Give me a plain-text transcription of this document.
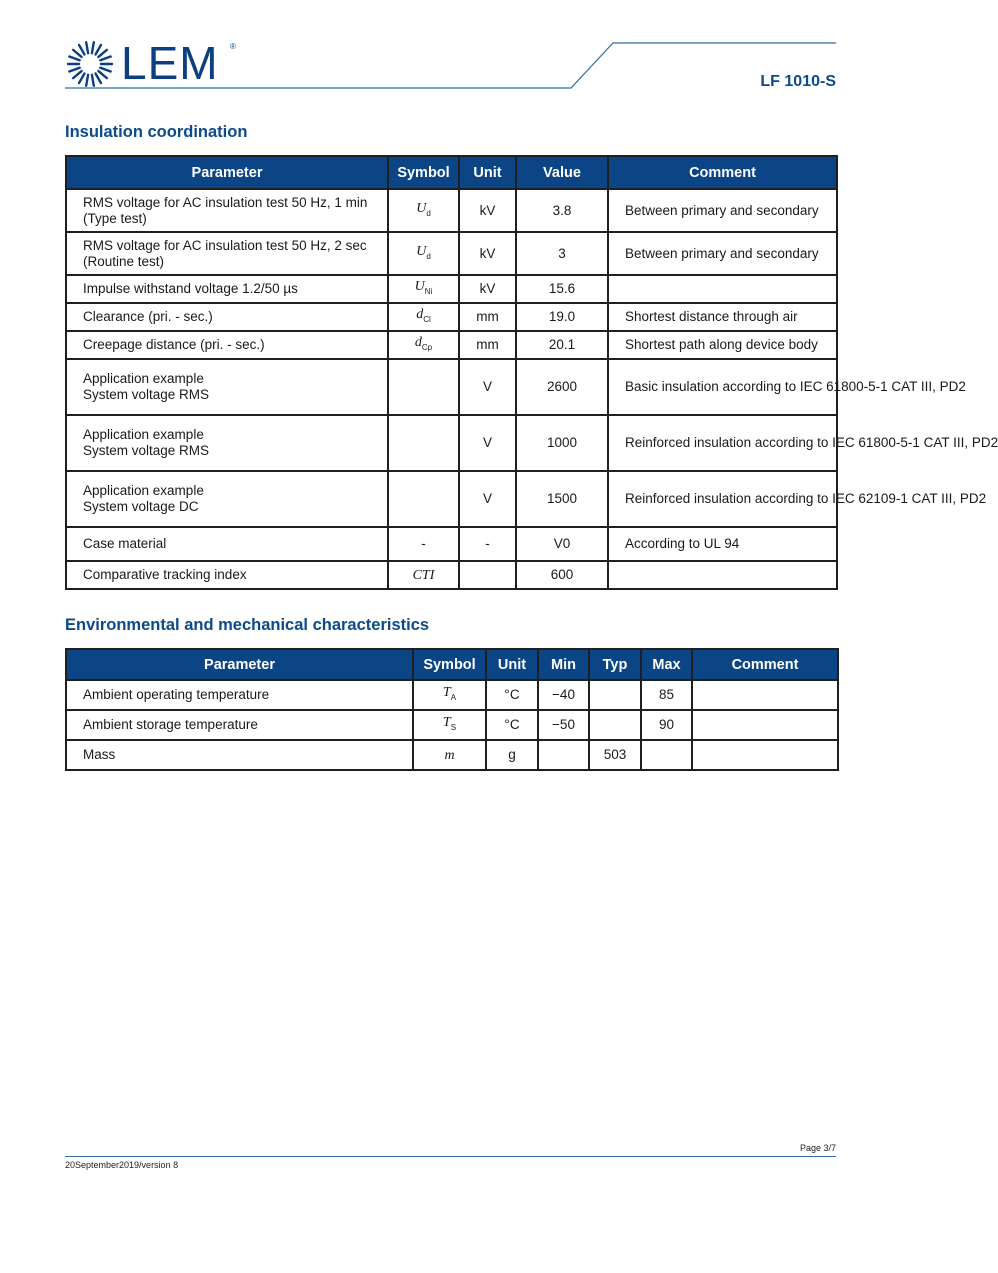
LEM ®
LF 1010-S
Insulation coordination
Parameter	Symbol	Unit	Value	Comment
RMS voltage for AC insulation test 50 Hz, 1 min
(Type test)	$U_d$	kV	3.8	Between primary and secondary
RMS voltage for AC insulation test 50 Hz, 2 sec
(Routine test)	$U_d$	kV	3	Between primary and secondary
Impulse withstand voltage 1.2/50 µs	$U_{Ni}$	kV	15.6	
Clearance (pri. - sec.)	$d_{Cl}$	mm	19.0	Shortest distance through air
Creepage distance (pri. - sec.)	$d_{Cp}$	mm	20.1	Shortest path along device body
Application example
System voltage RMS		V	2600	Basic insulation according to IEC 61800-5-1 CAT III, PD2
Application example
System voltage RMS		V	1000	Reinforced insulation according to IEC 61800-5-1 CAT III, PD2
Application example
System voltage DC		V	1500	Reinforced insulation according to IEC 62109-1 CAT III, PD2
Case material	-	-	V0	According to UL 94
Comparative tracking index	CTI		600	
Environmental and mechanical characteristics
Parameter	Symbol	Unit	Min	Typ	Max	Comment
Ambient operating temperature	$T_A$	°C	−40		85	
Ambient storage temperature	$T_S$	°C	−50		90	
Mass	m	g		503		
Page 3/7
20September2019/version 8
